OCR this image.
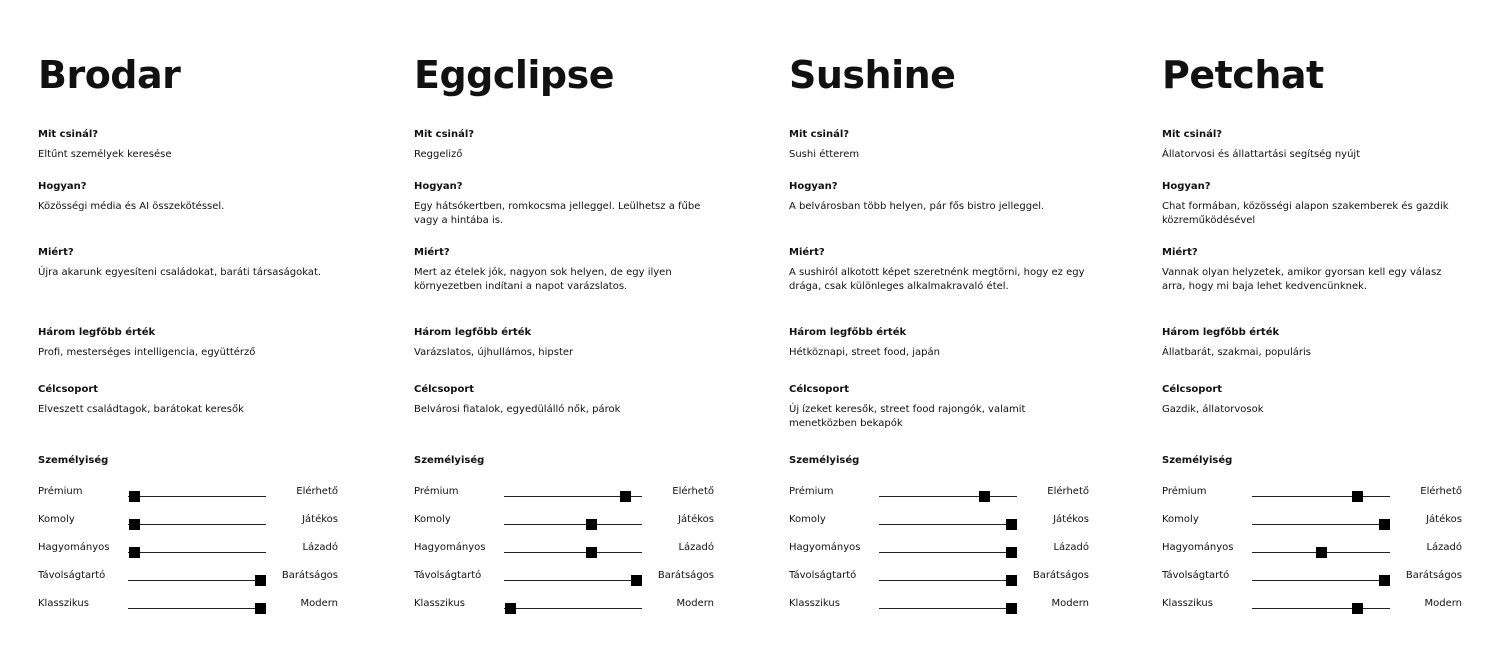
Brodar
Mit csinál?
Eltűnt személyek keresése
Hogyan?
Közösségi média és AI összekötéssel.
Miért?
Újra akarunk egyesíteni családokat, baráti társaságokat.
Három legfőbb érték
Profi, mesterséges intelligencia, együttérző
Célcsoport
Elveszett családtagok, barátokat keresők
Személyiség
Prémium	Elérhető
Komoly	Játékos
Hagyományos	Lázadó
Távolságtartó	Barátságos
Klasszikus	Modern
Eggclipse
Mit csinál?
Reggeliző
Hogyan?
Egy hátsókertben, romkocsma jelleggel. Leülhetsz a fűbe vagy a hintába is.
Miért?
Mert az ételek jók, nagyon sok helyen, de egy ilyen környezetben indítani a napot varázslatos.
Három legfőbb érték
Varázslatos, újhullámos, hipster
Célcsoport
Belvárosi fiatalok, egyedülálló nők, párok
Személyiség
Prémium	Elérhető
Komoly	Játékos
Hagyományos	Lázadó
Távolságtartó	Barátságos
Klasszikus	Modern
Sushine
Mit csinál?
Sushi étterem
Hogyan?
A belvárosban több helyen, pár fős bistro jelleggel.
Miért?
A sushiról alkotott képet szeretnénk megtörni, hogy ez egy drága, csak különleges alkalmakravaló étel.
Három legfőbb érték
Hétköznapi, street food, japán
Célcsoport
Új ízeket keresők, street food rajongók, valamit menetközben bekapók
Személyiség
Prémium	Elérhető
Komoly	Játékos
Hagyományos	Lázadó
Távolságtartó	Barátságos
Klasszikus	Modern
Petchat
Mit csinál?
Állatorvosi és állattartási segítség nyújt
Hogyan?
Chat formában, közösségi alapon szakemberek és gazdik közreműködésével
Miért?
Vannak olyan helyzetek, amikor gyorsan kell egy válasz arra, hogy mi baja lehet kedvencünknek.
Három legfőbb érték
Állatbarát, szakmai, populáris
Célcsoport
Gazdik, állatorvosok
Személyiség
Prémium	Elérhető
Komoly	Játékos
Hagyományos	Lázadó
Távolságtartó	Barátságos
Klasszikus	Modern
